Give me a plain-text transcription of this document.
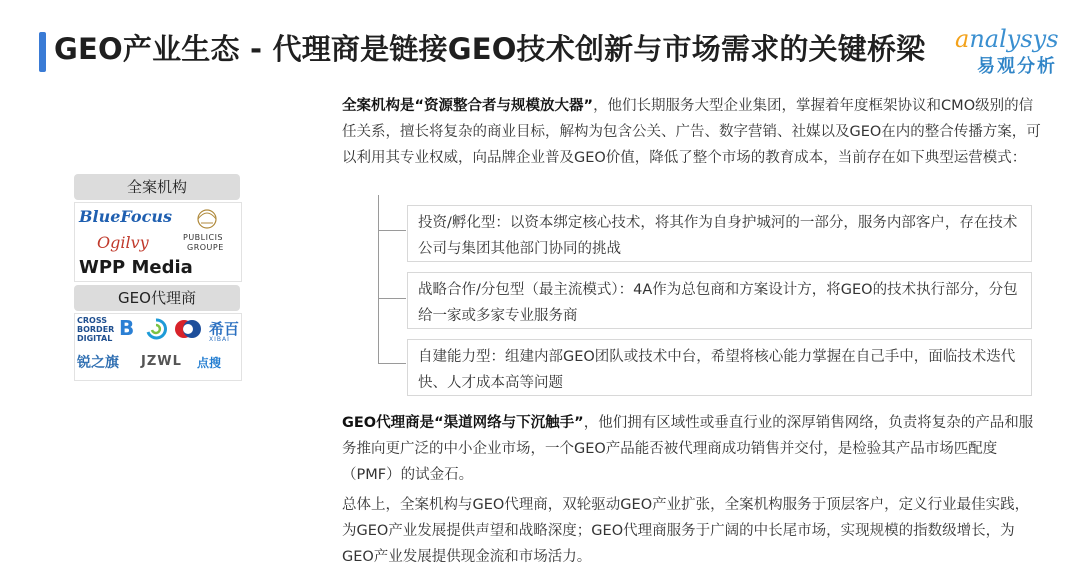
GEO产业生态 - 代理商是链接GEO技术创新与市场需求的关键桥梁	analysys
易观分析
全案机构
BlueFocus
Ogilvy	PUBLICIS
GROUPE
WPP Media
GEO代理商
CROSS
BORDER
DIGITAL B	希百
XIBAI
锐之旗 JZWL 点搜
全案机构是“资源整合者与规模放大器”，他们长期服务大型企业集团，掌握着年度框架协议和CMO级别的信任关系，擅长将复杂的商业目标，解构为包含公关、广告、数字营销、社媒以及GEO在内的整合传播方案，可以利用其专业权威，向品牌企业普及GEO价值，降低了整个市场的教育成本，当前存在如下典型运营模式：
投资/孵化型：以资本绑定核心技术，将其作为自身护城河的一部分，服务内部客户，存在技术公司与集团其他部门协同的挑战
战略合作/分包型（最主流模式）：4A作为总包商和方案设计方，将GEO的技术执行部分，分包给一家或多家专业服务商
自建能力型：组建内部GEO团队或技术中台，希望将核心能力掌握在自己手中，面临技术迭代快、人才成本高等问题
GEO代理商是“渠道网络与下沉触手”，他们拥有区域性或垂直行业的深厚销售网络，负责将复杂的产品和服务推向更广泛的中小企业市场，一个GEO产品能否被代理商成功销售并交付，是检验其产品市场匹配度（PMF）的试金石。
总体上，全案机构与GEO代理商，双轮驱动GEO产业扩张，全案机构服务于顶层客户，定义行业最佳实践，为GEO产业发展提供声望和战略深度；GEO代理商服务于广阔的中长尾市场，实现规模的指数级增长，为GEO产业发展提供现金流和市场活力。
